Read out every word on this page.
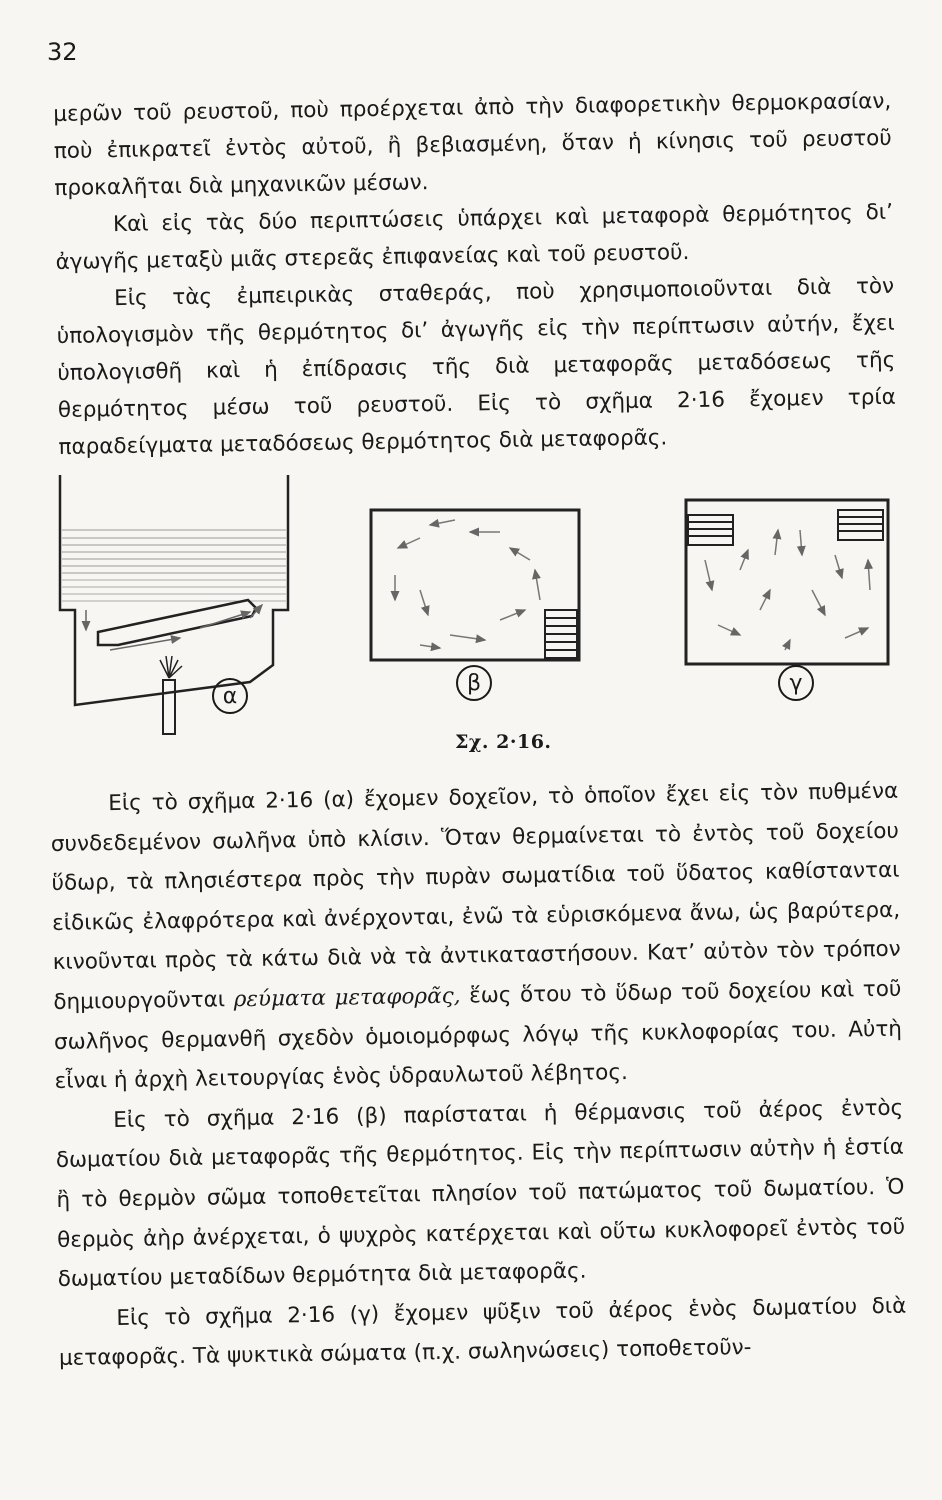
32

μερῶν τοῦ ρευστοῦ, ποὺ προέρχεται ἀπὸ τὴν διαφορετικὴν θερμοκρασίαν, ποὺ ἐπικρατεῖ ἐντὸς αὐτοῦ, ἢ βεβιασμένη, ὅταν ἡ κίνησις τοῦ ρευστοῦ προκαλῆται διὰ μηχανικῶν μέσων.

Καὶ εἰς τὰς δύο περιπτώσεις ὑπάρχει καὶ μεταφορὰ θερμότητος δι’ ἀγωγῆς μεταξὺ μιᾶς στερεᾶς ἐπιφανείας καὶ τοῦ ρευστοῦ.

Εἰς τὰς ἐμπειρικὰς σταθεράς, ποὺ χρησιμοποιοῦνται διὰ τὸν ὑπολογισμὸν τῆς θερμότητος δι’ ἀγωγῆς εἰς τὴν περίπτωσιν αὐτήν, ἔχει ὑπολογισθῆ καὶ ἡ ἐπίδρασις τῆς διὰ μεταφορᾶς μεταδόσεως τῆς θερμότητος μέσω τοῦ ρευστοῦ. Εἰς τὸ σχῆμα 2·16 ἔχομεν τρία παραδείγματα μεταδόσεως θερμότητος διὰ μεταφορᾶς.

α
β	γ
Σχ. 2·16.

Εἰς τὸ σχῆμα 2·16 (α) ἔχομεν δοχεῖον, τὸ ὁποῖον ἔχει εἰς τὸν πυθμένα συνδεδεμένον σωλῆνα ὑπὸ κλίσιν. Ὅταν θερμαίνεται τὸ ἐντὸς τοῦ δοχείου ὕδωρ, τὰ πλησιέστερα πρὸς τὴν πυρὰν σωματίδια τοῦ ὕδατος καθίστανται εἰδικῶς ἐλαφρότερα καὶ ἀνέρχονται, ἐνῶ τὰ εὑρισκόμενα ἄνω, ὡς βαρύτερα, κινοῦνται πρὸς τὰ κάτω διὰ νὰ τὰ ἀντικαταστήσουν. Κατ’ αὐτὸν τὸν τρόπον δημιουργοῦνται ρεύματα μεταφορᾶς, ἕως ὅτου τὸ ὕδωρ τοῦ δοχείου καὶ τοῦ σωλῆνος θερμανθῆ σχεδὸν ὁμοιομόρφως λόγῳ τῆς κυκλοφορίας του. Αὐτὴ εἶναι ἡ ἀρχὴ λειτουργίας ἑνὸς ὑδραυλωτοῦ λέβητος.

Εἰς τὸ σχῆμα 2·16 (β) παρίσταται ἡ θέρμανσις τοῦ ἀέρος ἐντὸς δωματίου διὰ μεταφορᾶς τῆς θερμότητος. Εἰς τὴν περίπτωσιν αὐτὴν ἡ ἑστία ἢ τὸ θερμὸν σῶμα τοποθετεῖται πλησίον τοῦ πατώματος τοῦ δωματίου. Ὁ θερμὸς ἀὴρ ἀνέρχεται, ὁ ψυχρὸς κατέρχεται καὶ οὕτω κυκλοφορεῖ ἐντὸς τοῦ δωματίου μεταδίδων θερμότητα διὰ μεταφορᾶς.

Εἰς τὸ σχῆμα 2·16 (γ) ἔχομεν ψῦξιν τοῦ ἀέρος ἑνὸς δωματίου διὰ μεταφορᾶς. Τὰ ψυκτικὰ σώματα (π.χ. σωληνώσεις) τοποθετοῦν-
